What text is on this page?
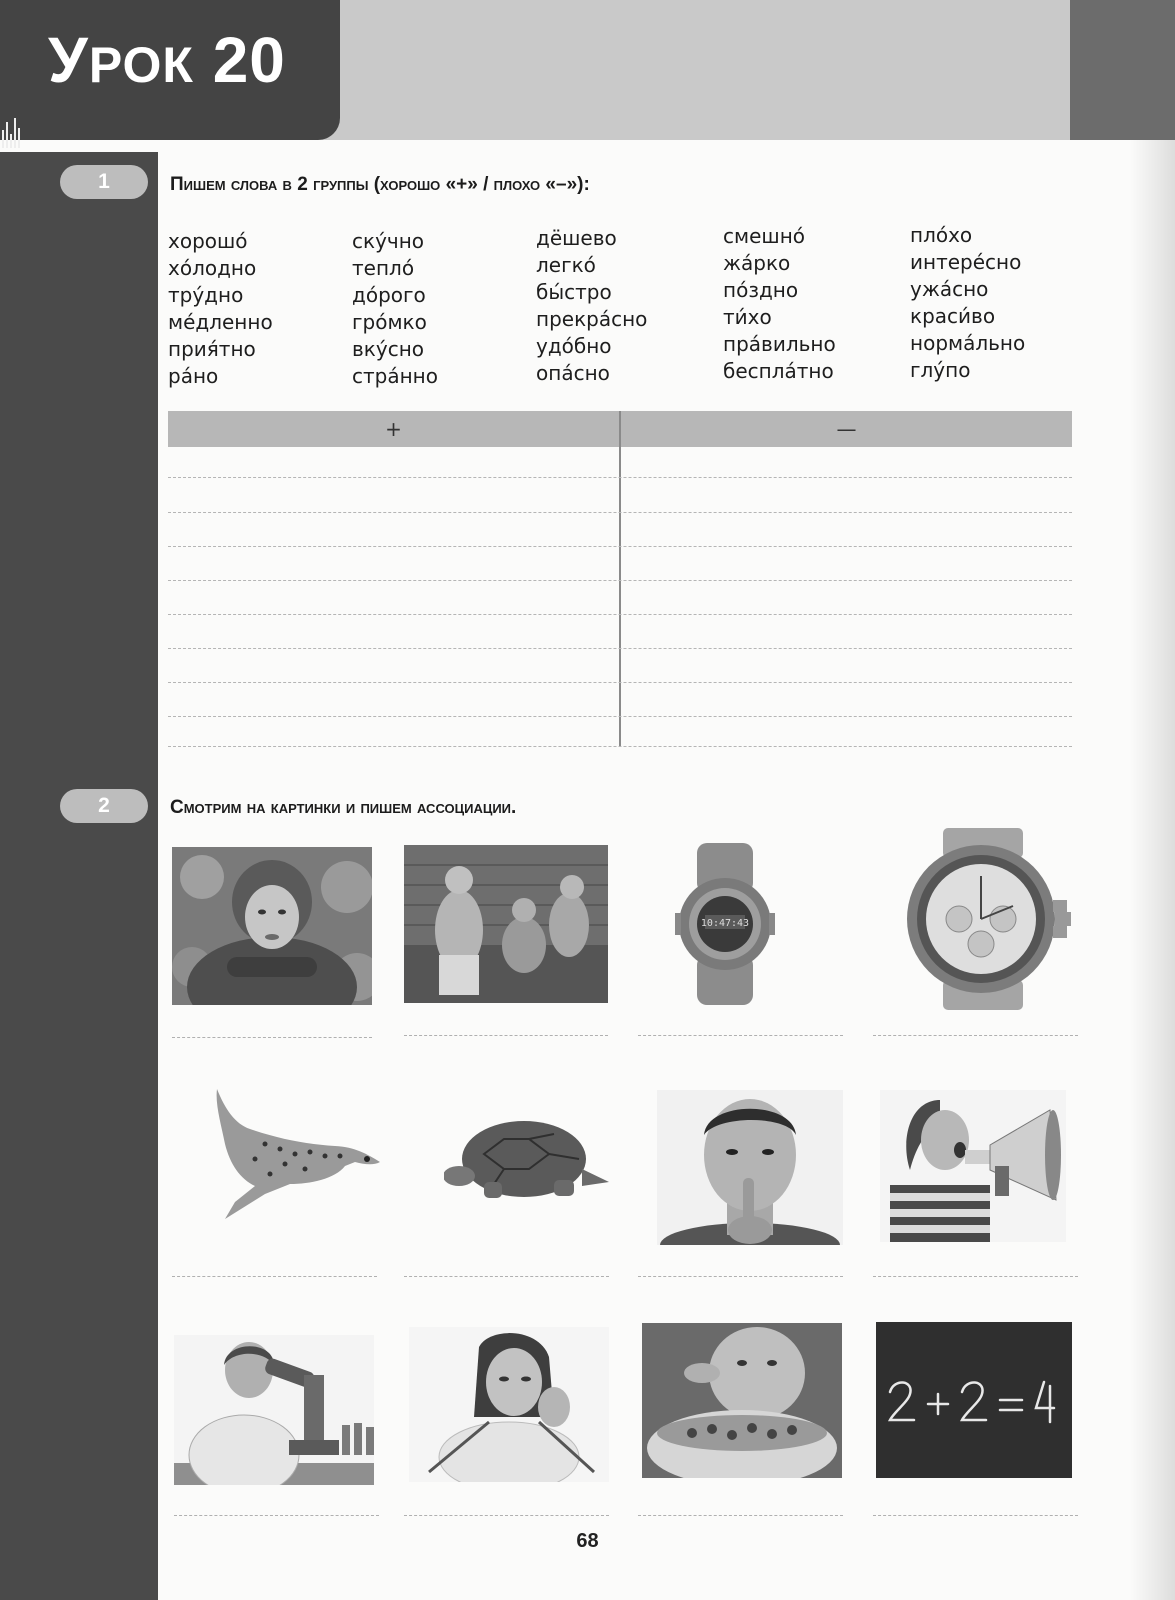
УРОК 20
1	Пишем слова в 2 группы (хорошо «+» / плохо «–»):
хорошо́
хо́лодно
тру́дно
ме́дленно
прия́тно
ра́но
ску́чно
тепло́
до́рого
гро́мко
вку́сно
стра́нно
дёшево
легко́
бы́стро
прекра́сно
удо́бно
опа́сно
смешно́
жа́рко
по́здно
ти́хо
пра́вильно
беспла́тно
пло́хо
интере́сно
ужа́сно
краси́во
норма́льно
глу́по
+	—
2	Смотрим на картинки и пишем ассоциации.
10:47:43
68
